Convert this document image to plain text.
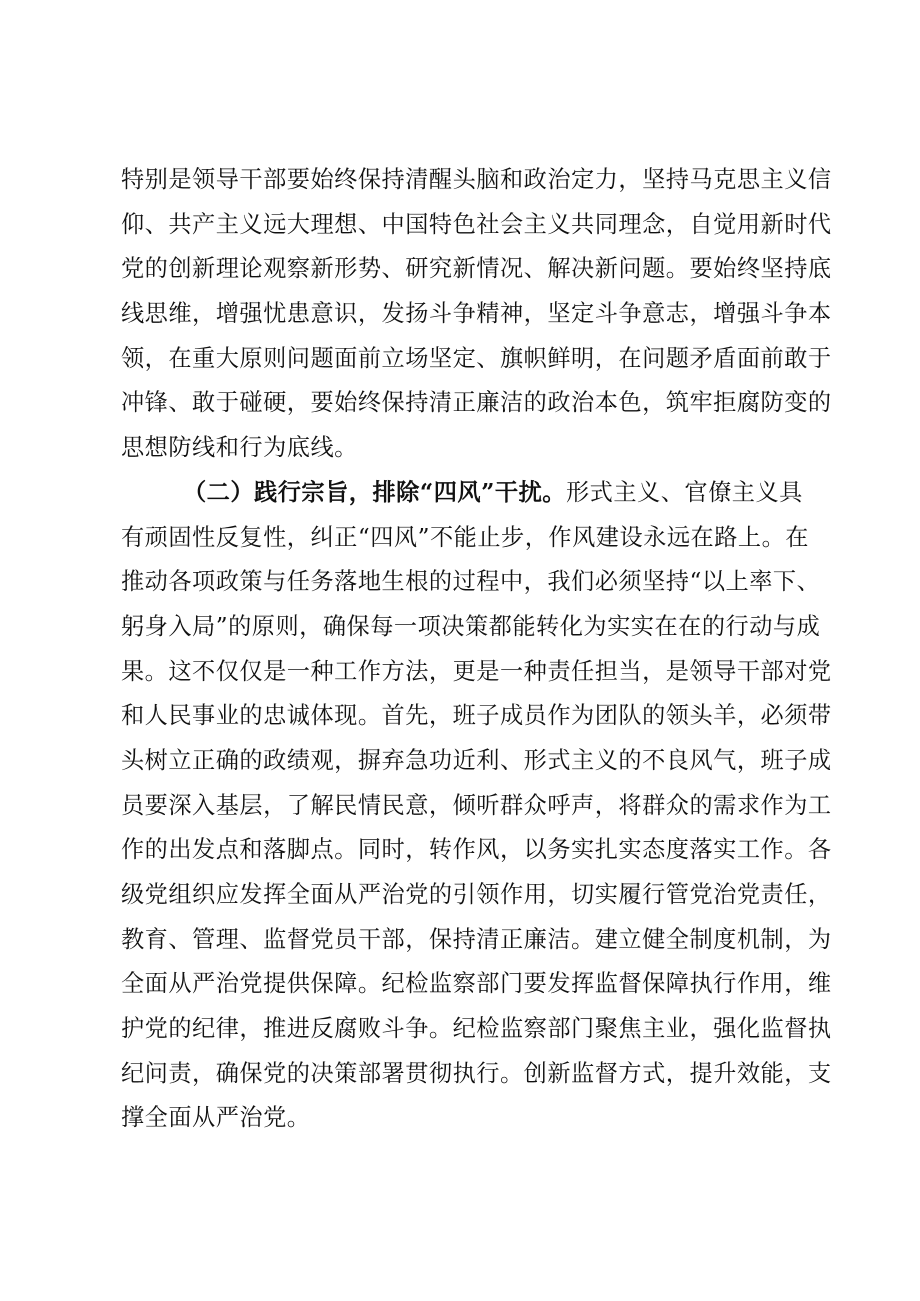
特别是领导干部要始终保持清醒头脑和政治定力，坚持马克思主义信
仰、共产主义远大理想、中国特色社会主义共同理念，自觉用新时代
党的创新理论观察新形势、研究新情况、解决新问题。要始终坚持底
线思维，增强忧患意识，发扬斗争精神，坚定斗争意志，增强斗争本
领，在重大原则问题面前立场坚定、旗帜鲜明，在问题矛盾面前敢于
冲锋、敢于碰硬，要始终保持清正廉洁的政治本色，筑牢拒腐防变的
思想防线和行为底线。
（二）践行宗旨，排除“四风”干扰。形式主义、官僚主义具
有顽固性反复性，纠正“四风”不能止步，作风建设永远在路上。在
推动各项政策与任务落地生根的过程中，我们必须坚持“以上率下、
躬身入局”的原则，确保每一项决策都能转化为实实在在的行动与成
果。这不仅仅是一种工作方法，更是一种责任担当，是领导干部对党
和人民事业的忠诚体现。首先，班子成员作为团队的领头羊，必须带
头树立正确的政绩观，摒弃急功近利、形式主义的不良风气，班子成
员要深入基层，了解民情民意，倾听群众呼声，将群众的需求作为工
作的出发点和落脚点。同时，转作风，以务实扎实态度落实工作。各
级党组织应发挥全面从严治党的引领作用，切实履行管党治党责任，
教育、管理、监督党员干部，保持清正廉洁。建立健全制度机制，为
全面从严治党提供保障。纪检监察部门要发挥监督保障执行作用，维
护党的纪律，推进反腐败斗争。纪检监察部门聚焦主业，强化监督执
纪问责，确保党的决策部署贯彻执行。创新监督方式，提升效能，支
撑全面从严治党。
